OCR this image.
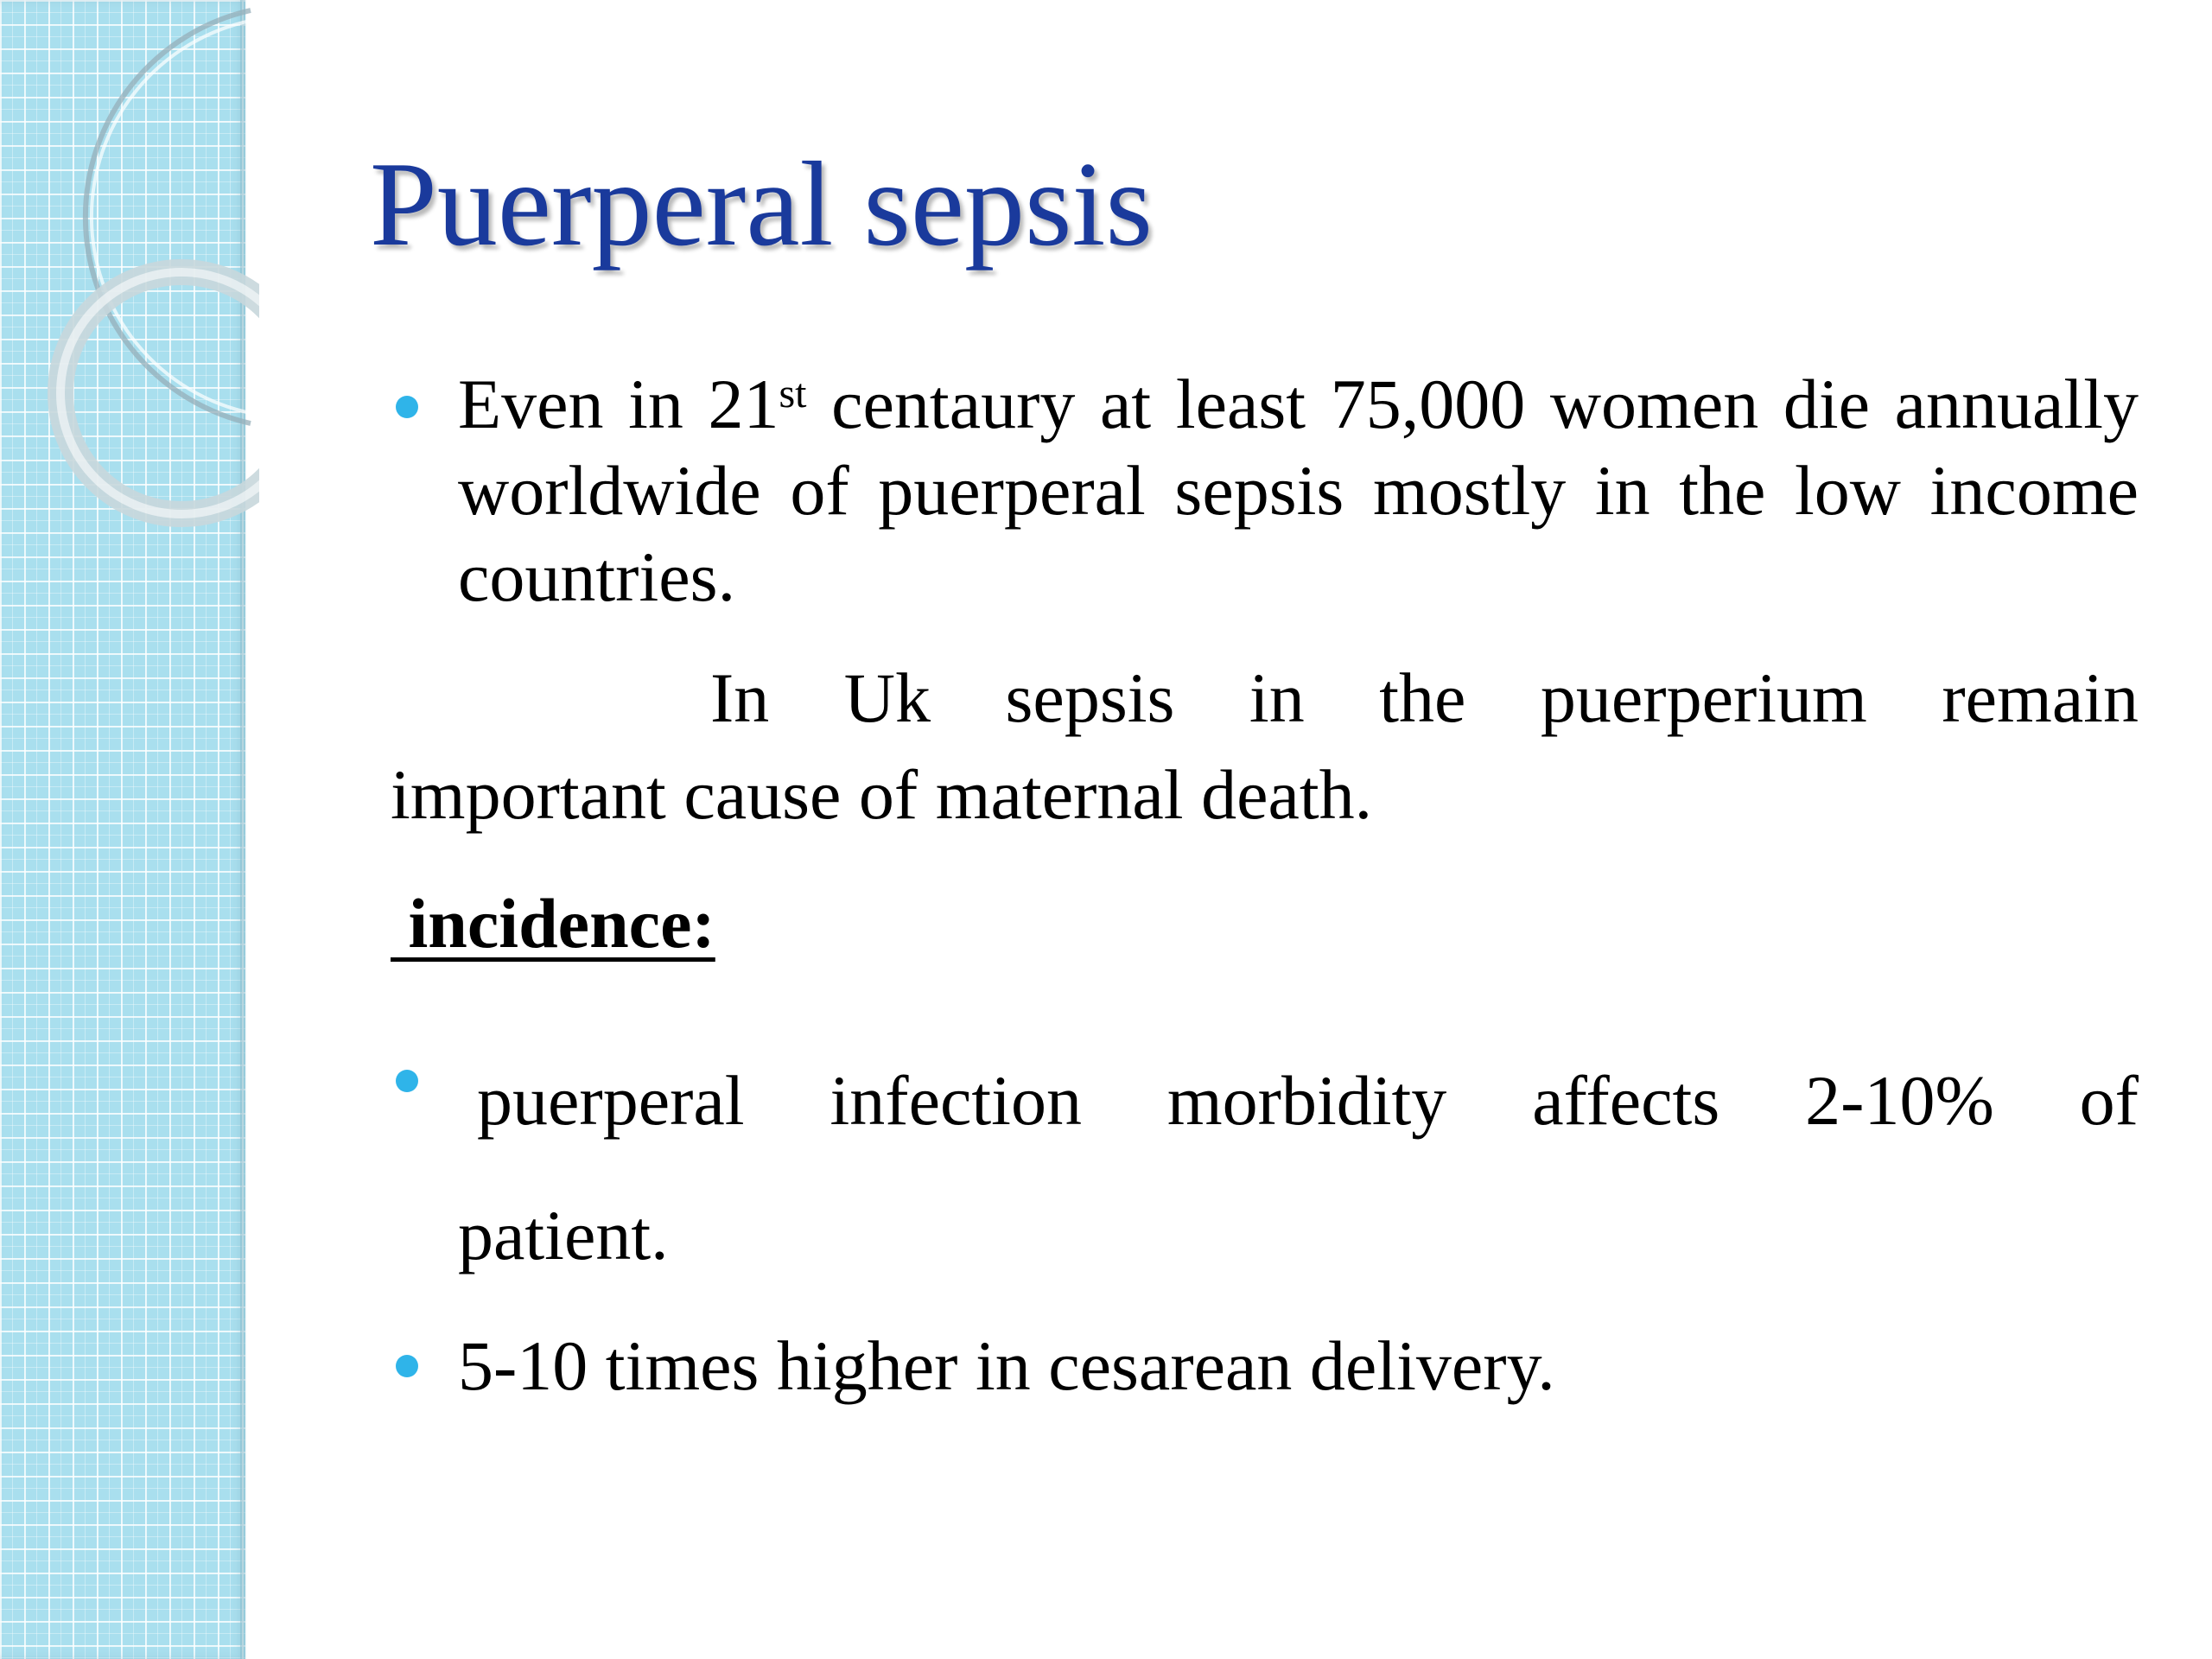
Puerperal sepsis

Even in 21st centaury at least 75,000 women die annually worldwide of puerperal sepsis mostly in the low income countries.

In Uk sepsis in the puerperium remain
important cause of maternal death.

incidence:

puerperal infection morbidity affects 2-10% of
patient.

5-10 times higher in cesarean delivery.
